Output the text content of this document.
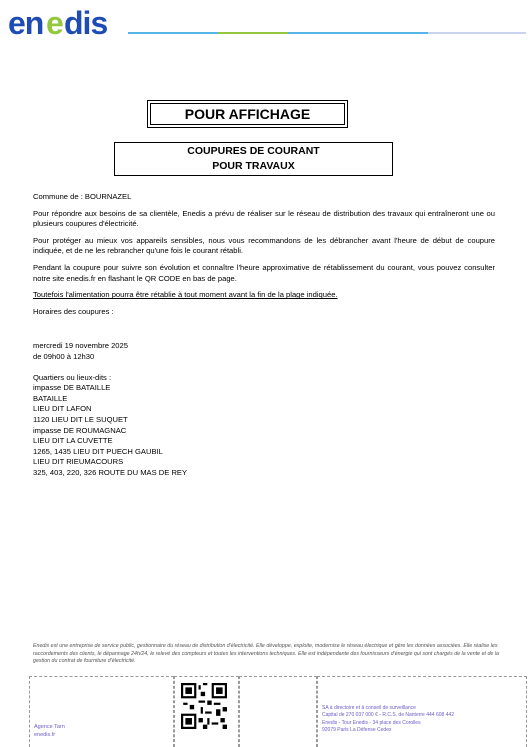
en e dis
POUR AFFICHAGE
COUPURES DE COURANT
POUR TRAVAUX

Commune de : BOURNAZEL

Pour répondre aux besoins de sa clientèle, Enedis a prévu de réaliser sur le réseau de distribution des travaux qui entraîneront une ou plusieurs coupures d'électricité.

Pour protéger au mieux vos appareils sensibles, nous vous recommandons de les débrancher avant l'heure de début de coupure indiquée, et de ne les rebrancher qu'une fois le courant rétabli.

Pendant la coupure pour suivre son évolution et connaître l'heure approximative de rétablissement du courant, vous pouvez consulter notre site enedis.fr en flashant le QR CODE en bas de page.

Toutefois l'alimentation pourra être rétablie à tout moment avant la fin de la plage indiquée.

Horaires des coupures :

mercredi 19 novembre 2025
de 09h00 à 12h30
Quartiers ou lieux-dits :
impasse DE BATAILLE
BATAILLE
LIEU DIT LAFON
1120 LIEU DIT LE SUQUET
impasse DE ROUMAGNAC
LIEU DIT LA CUVETTE
1265, 1435 LIEU DIT PUECH GAUBIL
LIEU DIT RIEUMACOURS
325, 403, 220, 326 ROUTE DU MAS DE REY
Enedis est une entreprise de service public, gestionnaire du réseau de distribution d'électricité. Elle développe, exploite, modernise le réseau électrique et gère les données associées. Elle réalise les raccordements des clients, le dépannage 24h/24, le relevé des compteurs et toutes les interventions techniques. Elle est indépendante des fournisseurs d'énergie qui sont chargés de la vente et de la gestion du contrat de fourniture d'électricité.
Agence Tarn
enedis.fr
SA à directoire et à conseil de surveillance
Capital de 270 037 000 € - R.C.S. de Nanterre 444 608 442
Enedis - Tour Enedis - 34 place des Corolles
92079 Paris La Défense Cedex
